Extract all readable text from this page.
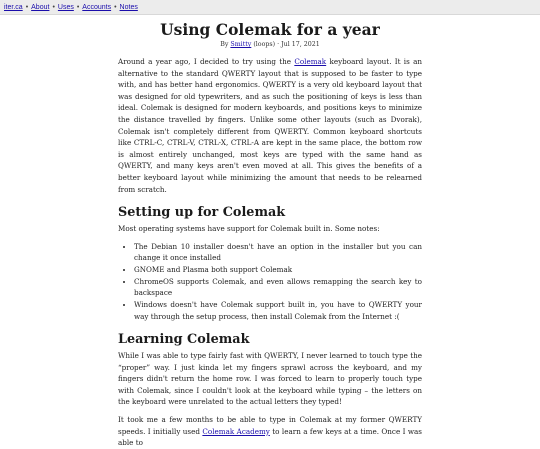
iter.ca • About • Uses • Accounts • Notes
Using Colemak for a year
By Smitty (loops) · Jul 17, 2021

Around a year ago, I decided to try using the Colemak keyboard layout. It is an alternative to the standard QWERTY layout that is supposed to be faster to type with, and has better hand ergonomics. QWERTY is a very old keyboard layout that was designed for old typewriters, and as such the positioning of keys is less than ideal. Colemak is designed for modern keyboards, and positions keys to minimize the distance travelled by fingers. Unlike some other layouts (such as Dvorak), Colemak isn't completely different from QWERTY. Common keyboard shortcuts like CTRL-C, CTRL-V, CTRL-X, CTRL-A are kept in the same place, the bottom row is almost entirely unchanged, most keys are typed with the same hand as QWERTY, and many keys aren't even moved at all. This gives the benefits of a better keyboard layout while minimizing the amount that needs to be relearned from scratch.

Setting up for Colemak

Most operating systems have support for Colemak built in. Some notes:

• The Debian 10 installer doesn't have an option in the installer but you can change it once installed
• GNOME and Plasma both support Colemak
• ChromeOS supports Colemak, and even allows remapping the search key to backspace
• Windows doesn't have Colemak support built in, you have to QWERTY your way through the setup process, then install Colemak from the Internet :(
Learning Colemak

While I was able to type fairly fast with QWERTY, I never learned to touch type the “proper” way. I just kinda let my fingers sprawl across the keyboard, and my fingers didn't return the home row. I was forced to learn to properly touch type with Colemak, since I couldn't look at the keyboard while typing – the letters on the keyboard were unrelated to the actual letters they typed!

It took me a few months to be able to type in Colemak at my former QWERTY speeds. I initially used Colemak Academy to learn a few keys at a time. Once I was able to
